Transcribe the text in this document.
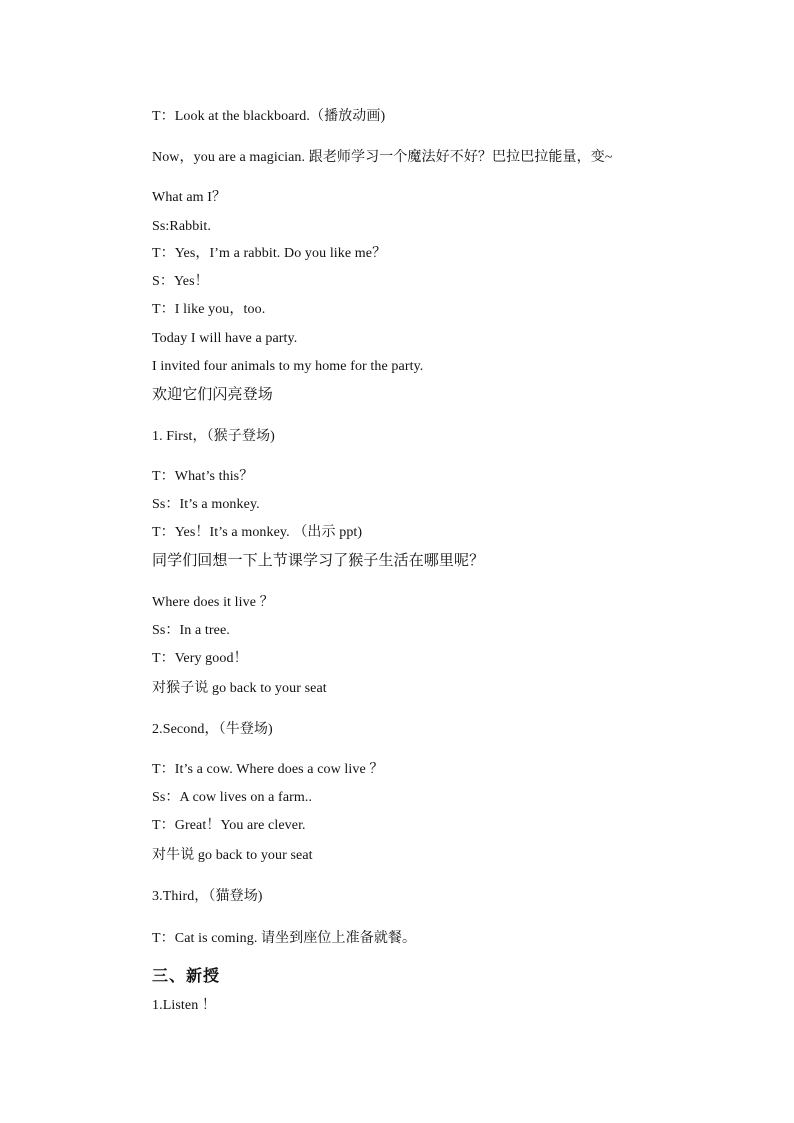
T：Look at the blackboard.（播放动画)
Now，you are a magician. 跟老师学习一个魔法好不好？巴拉巴拉能量，变~
What am I？
Ss:Rabbit.
T：Yes，I’m a rabbit. Do you like me？
S：Yes！
T：I like you，too.
Today I will have a party.
I invited four animals to my home for the party.
欢迎它们闪亮登场
1. First，（猴子登场)
T：What’s this？
Ss：It’s a monkey.
T：Yes！It’s a monkey. （出示 ppt)
同学们回想一下上节课学习了猴子生活在哪里呢？
Where does it live ？
Ss：In a tree.
T：Very good！
对猴子说 go back to your seat
2.Second，（牛登场)
T：It’s a cow. Where does a cow live ？
Ss：A cow lives on a farm..
T：Great！You are clever.
对牛说 go back to your seat
3.Third，（猫登场)
T：Cat is coming. 请坐到座位上准备就餐。
三、新授
1.Listen ！
